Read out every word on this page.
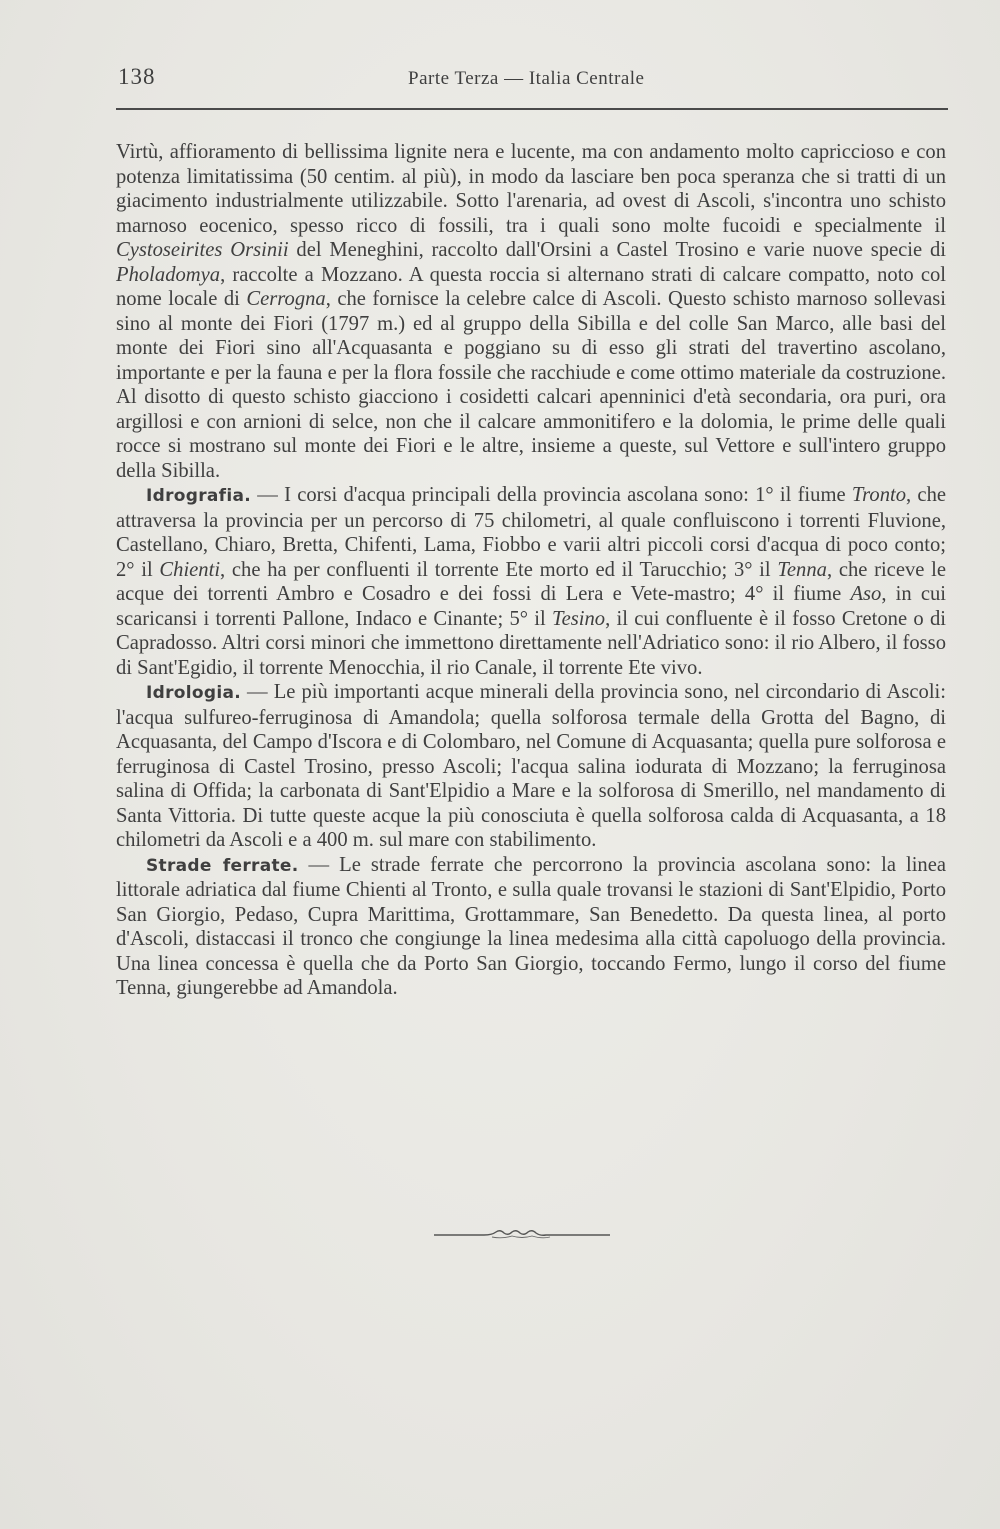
138	Parte Terza — Italia Centrale

Virtù, affioramento di bellissima lignite nera e lucente, ma con andamento molto capriccioso e con potenza limitatissima (50 centim. al più), in modo da lasciare ben poca speranza che si tratti di un giacimento industrialmente utilizzabile. Sotto l'arenaria, ad ovest di Ascoli, s'incontra uno schisto marnoso eocenico, spesso ricco di fossili, tra i quali sono molte fucoidi e specialmente il Cystoseirites Orsinii del Meneghini, raccolto dall'Orsini a Castel Trosino e varie nuove specie di Pholadomya, raccolte a Mozzano. A questa roccia si alternano strati di calcare compatto, noto col nome locale di Cerrogna, che fornisce la celebre calce di Ascoli. Questo schisto marnoso sollevasi sino al monte dei Fiori (1797 m.) ed al gruppo della Sibilla e del colle San Marco, alle basi del monte dei Fiori sino all'Acquasanta e poggiano su di esso gli strati del travertino ascolano, importante e per la fauna e per la flora fossile che racchiude e come ottimo materiale da costruzione. Al disotto di questo schisto giacciono i cosidetti calcari apenninici d'età secondaria, ora puri, ora argillosi e con arnioni di selce, non che il calcare ammonitifero e la dolomia, le prime delle quali rocce si mostrano sul monte dei Fiori e le altre, insieme a queste, sul Vettore e sull'intero gruppo della Sibilla.

Idrografia. — I corsi d'acqua principali della provincia ascolana sono: 1° il fiume Tronto, che attraversa la provincia per un percorso di 75 chilometri, al quale confluiscono i torrenti Fluvione, Castellano, Chiaro, Bretta, Chifenti, Lama, Fiobbo e varii altri piccoli corsi d'acqua di poco conto; 2° il Chienti, che ha per confluenti il torrente Ete morto ed il Tarucchio; 3° il Tenna, che riceve le acque dei torrenti Ambro e Cosadro e dei fossi di Lera e Vete-mastro; 4° il fiume Aso, in cui scaricansi i torrenti Pallone, Indaco e Cinante; 5° il Tesino, il cui confluente è il fosso Cretone o di Capradosso. Altri corsi minori che immettono direttamente nell'Adriatico sono: il rio Albero, il fosso di Sant'Egidio, il torrente Menocchia, il rio Canale, il torrente Ete vivo.

Idrologia. — Le più importanti acque minerali della provincia sono, nel circondario di Ascoli: l'acqua sulfureo-ferruginosa di Amandola; quella solforosa termale della Grotta del Bagno, di Acquasanta, del Campo d'Iscora e di Colombaro, nel Comune di Acquasanta; quella pure solforosa e ferruginosa di Castel Trosino, presso Ascoli; l'acqua salina iodurata di Mozzano; la ferruginosa salina di Offida; la carbonata di Sant'Elpidio a Mare e la solforosa di Smerillo, nel mandamento di Santa Vittoria. Di tutte queste acque la più conosciuta è quella solforosa calda di Acquasanta, a 18 chilometri da Ascoli e a 400 m. sul mare con stabilimento.

Strade ferrate. — Le strade ferrate che percorrono la provincia ascolana sono: la linea littorale adriatica dal fiume Chienti al Tronto, e sulla quale trovansi le stazioni di Sant'Elpidio, Porto San Giorgio, Pedaso, Cupra Marittima, Grottammare, San Benedetto. Da questa linea, al porto d'Ascoli, distaccasi il tronco che congiunge la linea medesima alla città capoluogo della provincia. Una linea concessa è quella che da Porto San Giorgio, toccando Fermo, lungo il corso del fiume Tenna, giungerebbe ad Amandola.
